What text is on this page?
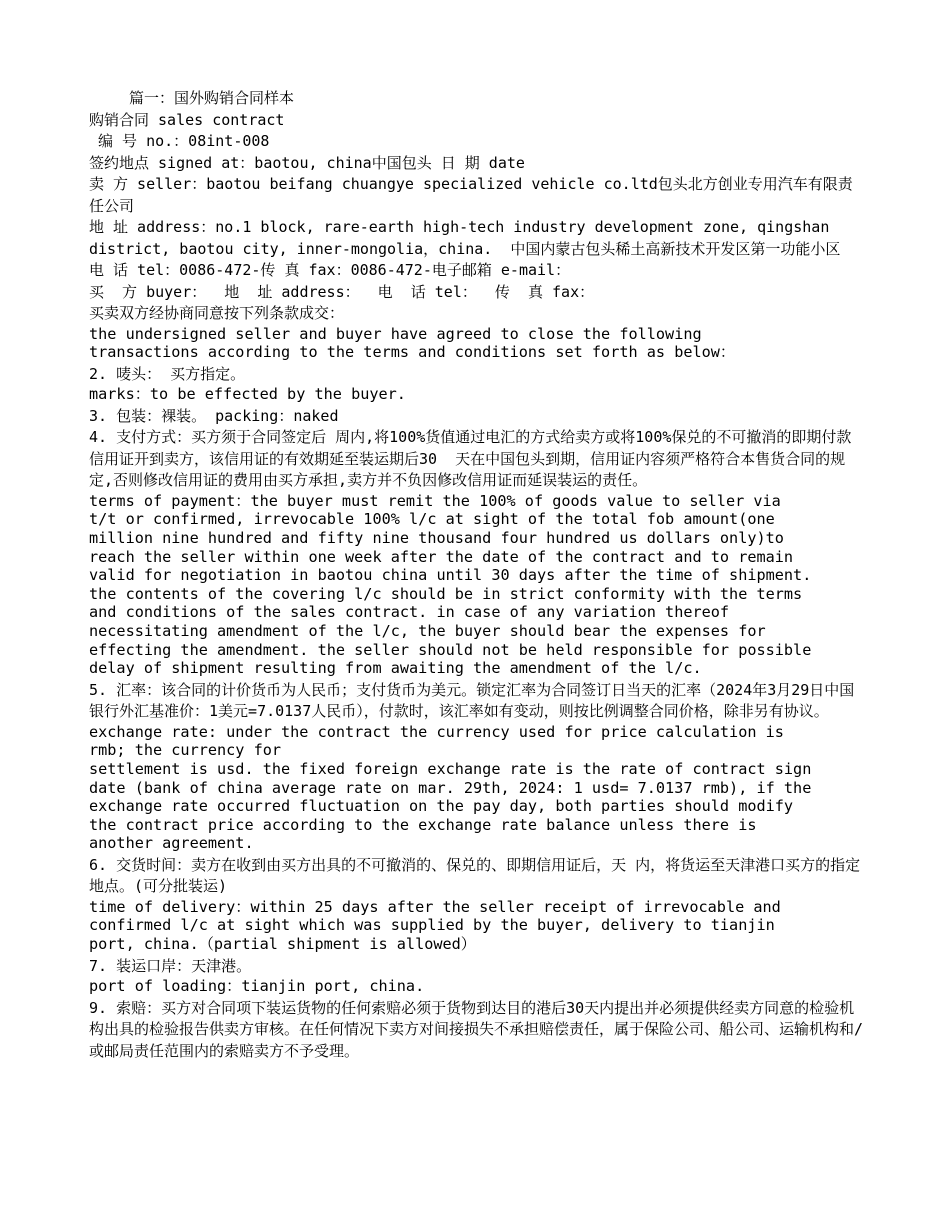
篇一：国外购销合同样本

购销合同 sales contract

编 号 no.：08int-008

签约地点 signed at：baotou, china中国包头 日 期 date

卖 方 seller：baotou beifang chuangye specialized vehicle co.ltd包头北方创业专用汽车有限责任公司

地 址 address：no.1 block, rare-earth high-tech industry development zone, qingshan district, baotou city, inner-mongolia，china.  中国内蒙古包头稀土高新技术开发区第一功能小区

电 话 tel：0086-472-传 真 fax：0086-472-电子邮箱 e-mail：

买  方 buyer：  地  址 address：  电  话 tel：  传  真 fax：

买卖双方经协商同意按下列条款成交：

the undersigned seller and buyer have agreed to close the following
transactions according to the terms and conditions set forth as below：

2. 唛头： 买方指定。

marks：to be effected by the buyer.

3. 包装：裸装。 packing：naked

4. 支付方式：买方须于合同签定后 周内,将100%货值通过电汇的方式给卖方或将100%保兑的不可撤消的即期付款信用证开到卖方，该信用证的有效期延至装运期后30  天在中国包头到期，信用证内容须严格符合本售货合同的规定,否则修改信用证的费用由买方承担,卖方并不负因修改信用证而延误装运的责任。

terms of payment：the buyer must remit the 100% of goods value to seller via
t/t or confirmed, irrevocable 100% l/c at sight of the total fob amount(one
million nine hundred and fifty nine thousand four hundred us dollars only)to
reach the seller within one week after the date of the contract and to remain
valid for negotiation in baotou china until 30 days after the time of shipment.
the contents of the covering l/c should be in strict conformity with the terms
and conditions of the sales contract. in case of any variation thereof
necessitating amendment of the l/c, the buyer should bear the expenses for
effecting the amendment. the seller should not be held responsible for possible
delay of shipment resulting from awaiting the amendment of the l/c.

5. 汇率：该合同的计价货币为人民币；支付货币为美元。锁定汇率为合同签订日当天的汇率（2024年3月29日中国银行外汇基准价：1美元=7.0137人民币），付款时，该汇率如有变动，则按比例调整合同价格，除非另有协议。

exchange rate: under the contract the currency used for price calculation is
rmb; the currency for
settlement is usd. the fixed foreign exchange rate is the rate of contract sign
date (bank of china average rate on mar. 29th, 2024: 1 usd= 7.0137 rmb), if the
exchange rate occurred fluctuation on the pay day, both parties should modify
the contract price according to the exchange rate balance unless there is
another agreement.

6. 交货时间：卖方在收到由买方出具的不可撤消的、保兑的、即期信用证后，天 内，将货运至天津港口买方的指定地点。(可分批装运)

time of delivery：within 25 days after the seller receipt of irrevocable and
confirmed l/c at sight which was supplied by the buyer, delivery to tianjin
port, china.（partial shipment is allowed）

7. 装运口岸：天津港。

port of loading：tianjin port, china.

9. 索赔：买方对合同项下装运货物的任何索赔必须于货物到达目的港后30天内提出并必须提供经卖方同意的检验机构出具的检验报告供卖方审核。在任何情况下卖方对间接损失不承担赔偿责任，属于保险公司、船公司、运输机构和/或邮局责任范围内的索赔卖方不予受理。
